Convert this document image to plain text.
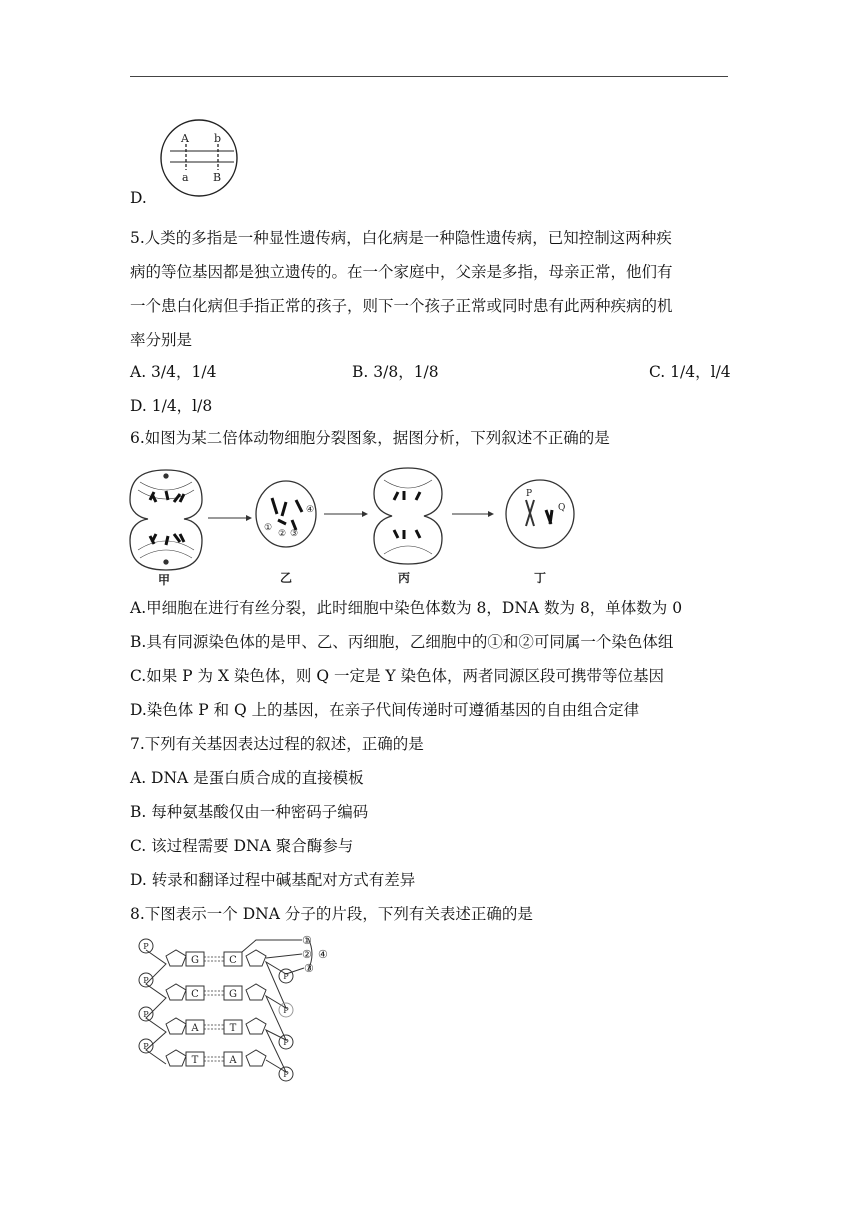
A b
a B
D.
5.人类的多指是一种显性遗传病，白化病是一种隐性遗传病，已知控制这两种疾
病的等位基因都是独立遗传的。在一个家庭中，父亲是多指，母亲正常，他们有
一个患白化病但手指正常的孩子，则下一个孩子正常或同时患有此两种疾病的机
率分别是
A. 3/4，1/4	B. 3/8，1/8	C. 1/4，l/4
D. 1/4，l/8
6.如图为某二倍体动物细胞分裂图象，据图分析，下列叙述不正确的是
甲
①
② ③
④
乙	丙
P
Q
丁
A.甲细胞在进行有丝分裂，此时细胞中染色体数为 8，DNA 数为 8，单体数为 0
B.具有同源染色体的是甲、乙、丙细胞，乙细胞中的①和②可同属一个染色体组
C.如果 P 为 X 染色体，则 Q 一定是 Y 染色体，两者同源区段可携带等位基因
D.染色体 P 和 Q 上的基因，在亲子代间传递时可遵循基因的自由组合定律
7.下列有关基因表达过程的叙述，正确的是
A. DNA 是蛋白质合成的直接模板
B. 每种氨基酸仅由一种密码子编码
C. 该过程需要 DNA 聚合酶参与
D. 转录和翻译过程中碱基配对方式有差异
8.下图表示一个 DNA 分子的片段，下列有关表述正确的是
P
P
P
P
P
P
P
P
G
C
A
T
C
G
T
A
①
②
③
④
